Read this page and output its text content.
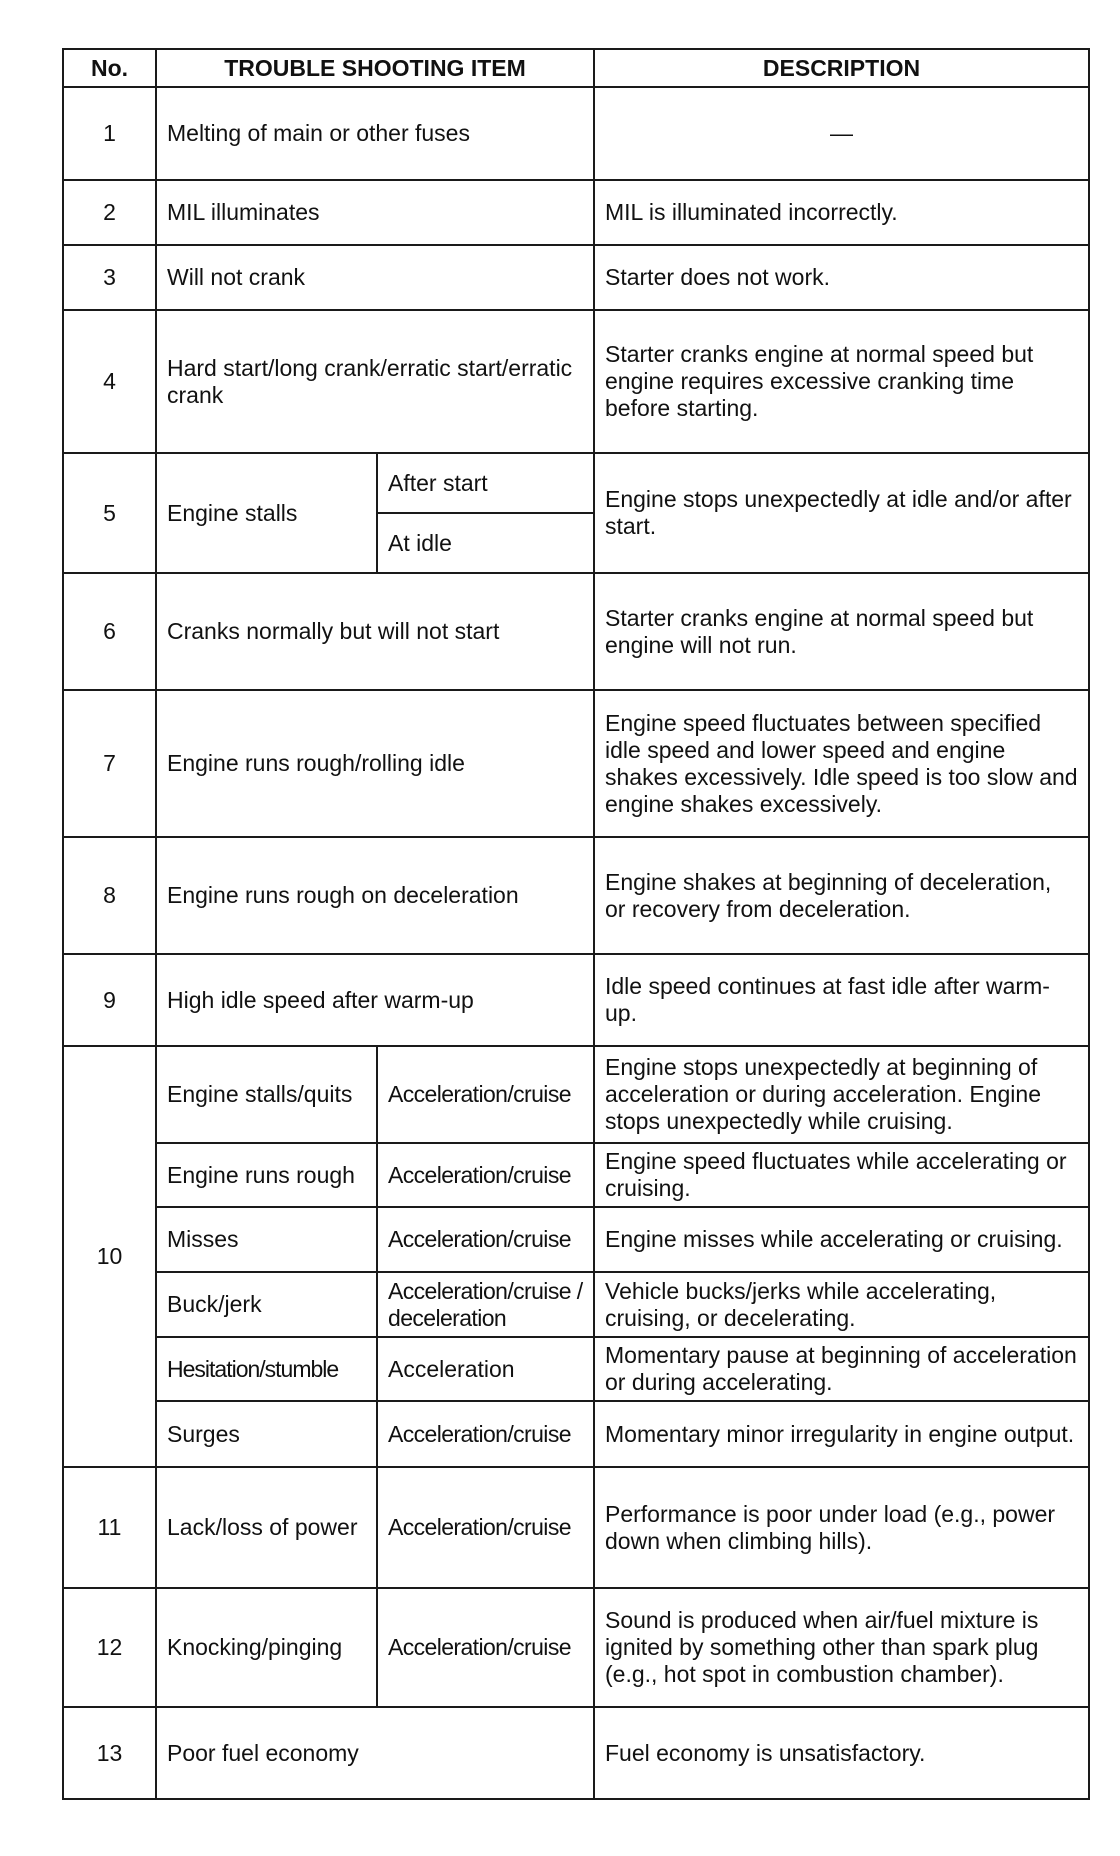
No.	TROUBLE SHOOTING ITEM		DESCRIPTION
1	Melting of main or other fuses		—
2	MIL illuminates		MIL is illuminated incorrectly.
3	Will not crank		Starter does not work.
4	Hard start/long crank/erratic start/erratic crank		Starter cranks engine at normal speed but engine requires excessive cranking time before starting.
5	Engine stalls	After start	Engine stops unexpectedly at idle and/or after start.
		At idle	
6	Cranks normally but will not start		Starter cranks engine at normal speed but engine will not run.
7	Engine runs rough/rolling idle		Engine speed fluctuates between specified idle speed and lower speed and engine shakes excessively. Idle speed is too slow and engine shakes excessively.
8	Engine runs rough on deceleration		Engine shakes at beginning of deceleration, or recovery from deceleration.
9	High idle speed after warm-up		Idle speed continues at fast idle after warm-up.
10	Engine stalls/quits	Acceleration/cruise	Engine stops unexpectedly at beginning of acceleration or during acceleration. Engine stops unexpectedly while cruising.
	Engine runs rough	Acceleration/cruise	Engine speed fluctuates while accelerating or cruising.
	Misses	Acceleration/cruise	Engine misses while accelerating or cruising.
	Buck/jerk	Acceleration/cruise / deceleration	Vehicle bucks/jerks while accelerating, cruising, or decelerating.
	Hesitation/stumble	Acceleration	Momentary pause at beginning of acceleration or during accelerating.
	Surges	Acceleration/cruise	Momentary minor irregularity in engine output.
11	Lack/loss of power	Acceleration/cruise	Performance is poor under load (e.g., power down when climbing hills).
12	Knocking/pinging	Acceleration/cruise	Sound is produced when air/fuel mixture is ignited by something other than spark plug (e.g., hot spot in combustion chamber).
13	Poor fuel economy		Fuel economy is unsatisfactory.
